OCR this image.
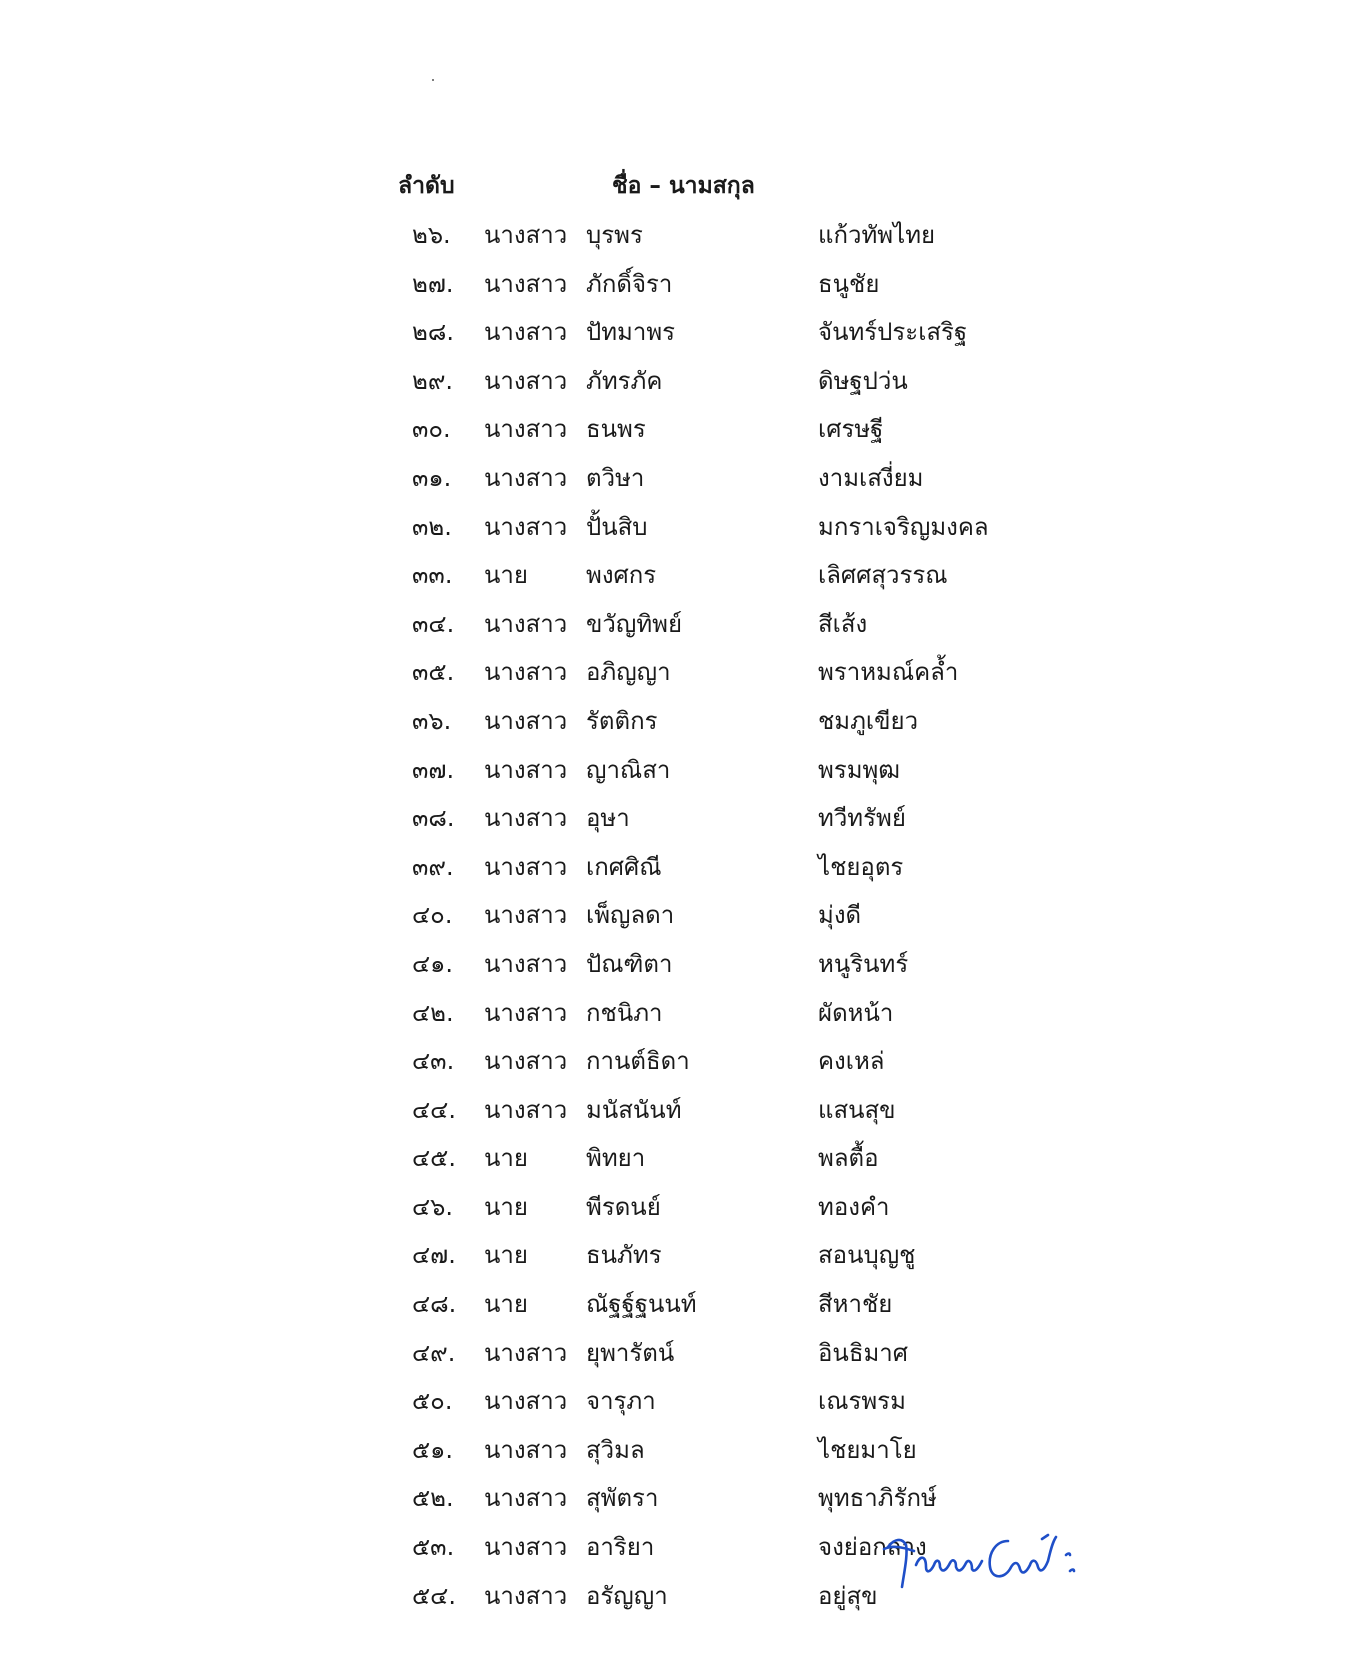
ลำดับ	ชื่อ – นามสกุล
๒๖. นางสาว บุรพร	แก้วทัพไทย
๒๗. นางสาว ภักดิ์จิรา	ธนูชัย
๒๘. นางสาว ปัทมาพร	จันทร์ประเสริฐ
๒๙. นางสาว ภัทรภัค	ดิษฐปว่น
๓๐. นางสาว ธนพร	เศรษฐี
๓๑. นางสาว ตวิษา	งามเสงี่ยม
๓๒. นางสาว ปั้นสิบ	มกราเจริญมงคล
๓๓. นาย พงศกร	เลิศศสุวรรณ
๓๔. นางสาว ขวัญทิพย์	สีเส้ง
๓๕. นางสาว อภิญญา	พราหมณ์คล้ำ
๓๖. นางสาว รัตติกร	ชมภูเขียว
๓๗. นางสาว ญาณิสา	พรมพุฒ
๓๘. นางสาว อุษา	ทวีทรัพย์
๓๙. นางสาว เกศศิณี	ไชยอุตร
๔๐. นางสาว เพ็ญลดา	มุ่งดี
๔๑. นางสาว ปัณฑิตา	หนูรินทร์
๔๒. นางสาว กชนิภา	ผัดหน้า
๔๓. นางสาว กานต์ธิดา	คงเหล่
๔๔. นางสาว มนัสนันท์	แสนสุข
๔๕. นาย พิทยา	พลตื้อ
๔๖. นาย พีรดนย์	ทองคำ
๔๗. นาย ธนภัทร	สอนบุญชู
๔๘. นาย ณัฐฐ์ฐนนท์	สีหาชัย
๔๙. นางสาว ยุพารัตน์	อินธิมาศ
๕๐. นางสาว จารุภา	เณรพรม
๕๑. นางสาว สุวิมล	ไชยมาโย
๕๒. นางสาว สุพัตรา	พุทธาภิรักษ์
๕๓. นางสาว อาริยา	จงย่อกลาง
๕๔. นางสาว อรัญญา	อยู่สุข
